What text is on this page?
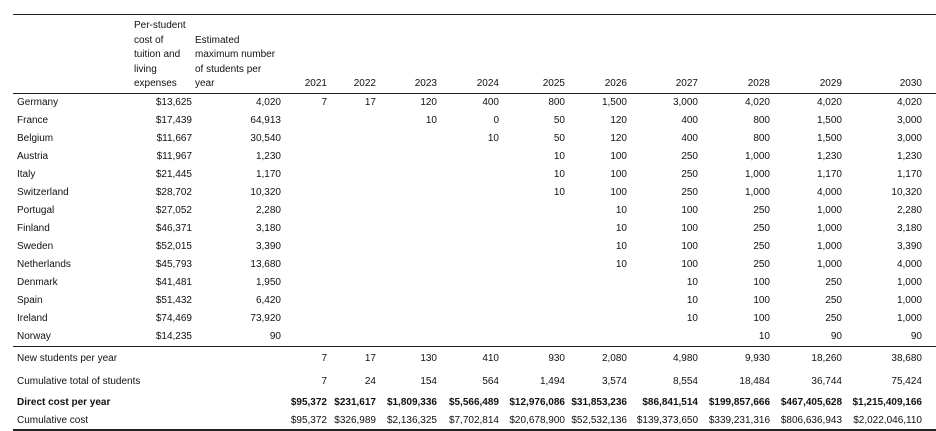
	Per-student cost of tuition and living expenses	Estimated maximum number of students per year	2021	2022	2023	2024	2025	2026	2027	2028	2029	2030
Germany	$13,625	4,020	7	17	120	400	800	1,500	3,000	4,020	4,020	4,020
France	$17,439	64,913			10	0	50	120	400	800	1,500	3,000
Belgium	$11,667	30,540				10	50	120	400	800	1,500	3,000
Austria	$11,967	1,230					10	100	250	1,000	1,230	1,230
Italy	$21,445	1,170					10	100	250	1,000	1,170	1,170
Switzerland	$28,702	10,320					10	100	250	1,000	4,000	10,320
Portugal	$27,052	2,280						10	100	250	1,000	2,280
Finland	$46,371	3,180						10	100	250	1,000	3,180
Sweden	$52,015	3,390						10	100	250	1,000	3,390
Netherlands	$45,793	13,680						10	100	250	1,000	4,000
Denmark	$41,481	1,950							10	100	250	1,000
Spain	$51,432	6,420							10	100	250	1,000
Ireland	$74,469	73,920							10	100	250	1,000
Norway	$14,235	90								10	90	90
New students per year			7	17	130	410	930	2,080	4,980	9,930	18,260	38,680
Cumulative total of students			7	24	154	564	1,494	3,574	8,554	18,484	36,744	75,424
Direct cost per year			$95,372	$231,617	$1,809,336	$5,566,489	$12,976,086	$31,853,236	$86,841,514	$199,857,666	$467,405,628	$1,215,409,166
Cumulative cost			$95,372	$326,989	$2,136,325	$7,702,814	$20,678,900	$52,532,136	$139,373,650	$339,231,316	$806,636,943	$2,022,046,110
